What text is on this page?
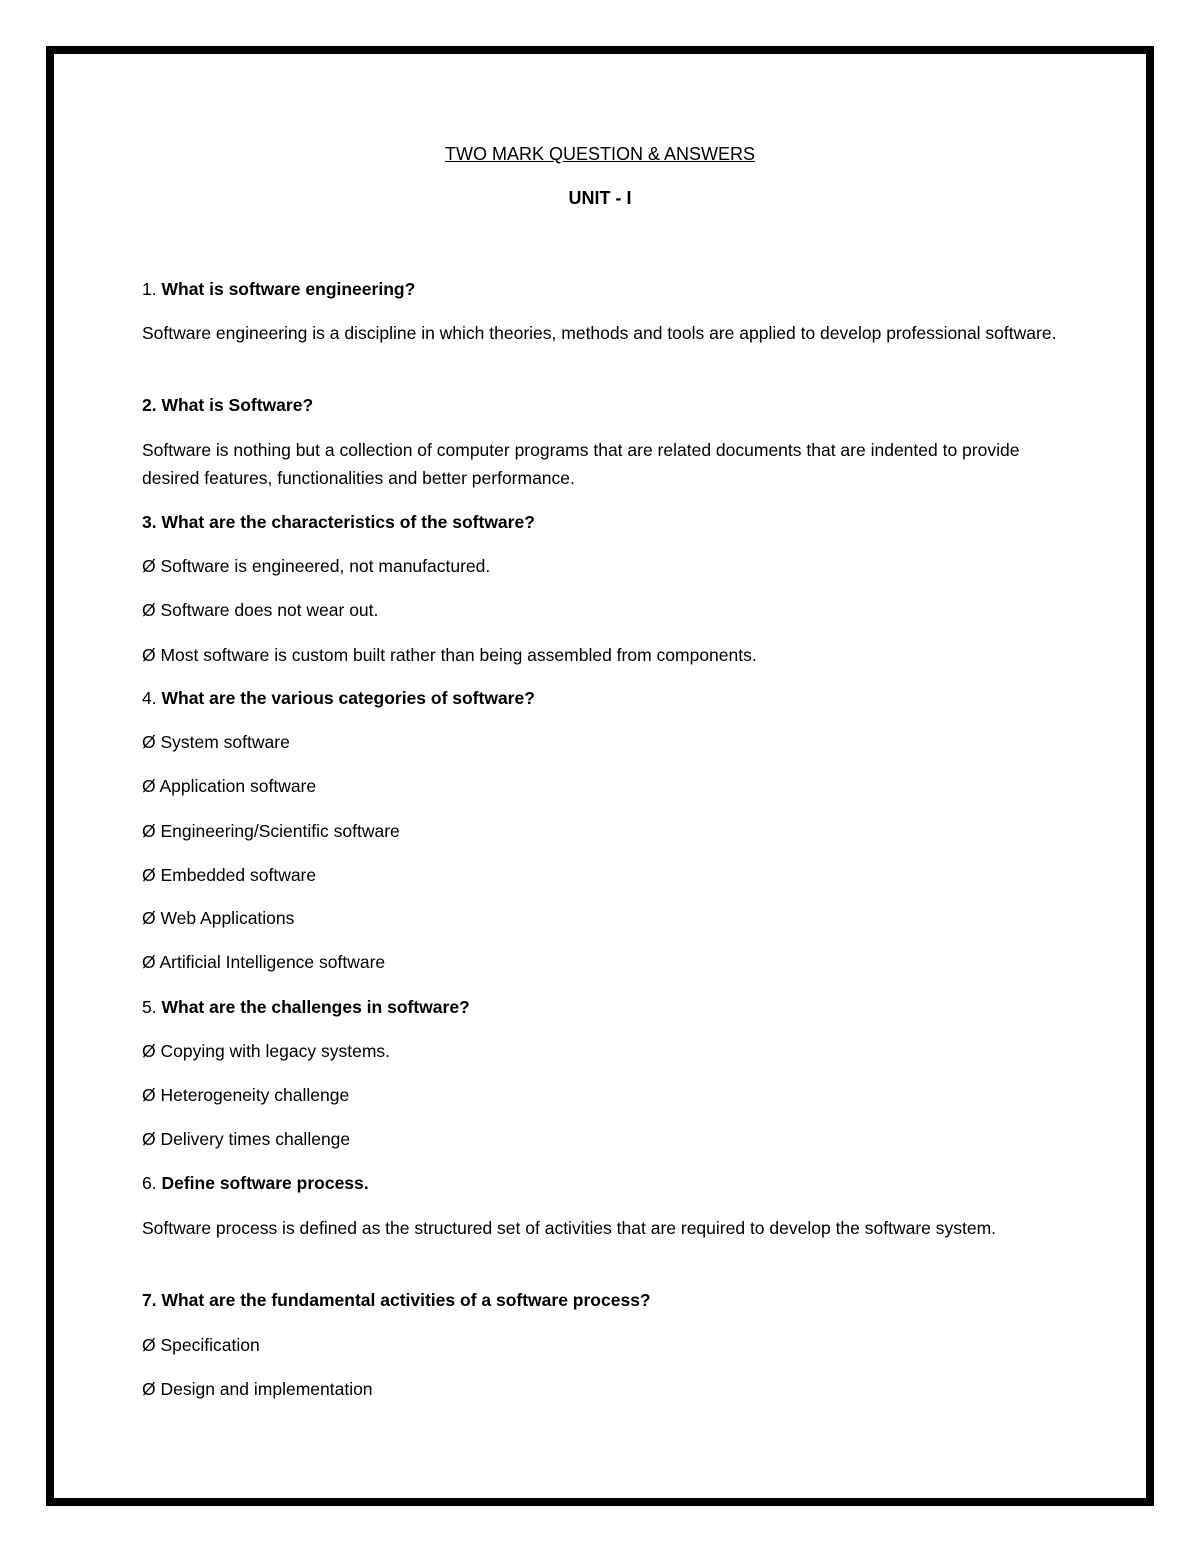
TWO MARK QUESTION & ANSWERS
UNIT - I
1. What is software engineering?
Software engineering is a discipline in which theories, methods and tools are applied to develop professional software.
2. What is Software?
Software is nothing but a collection of computer programs that are related documents that are indented to provide desired features, functionalities and better performance.
3. What are the characteristics of the software?
Ø Software is engineered, not manufactured.
Ø Software does not wear out.
Ø Most software is custom built rather than being assembled from components.
4. What are the various categories of software?
Ø System software
Ø Application software
Ø Engineering/Scientific software
Ø Embedded software
Ø Web Applications
Ø Artificial Intelligence software
5. What are the challenges in software?
Ø Copying with legacy systems.
Ø Heterogeneity challenge
Ø Delivery times challenge
6. Define software process.
Software process is defined as the structured set of activities that are required to develop the software system.
7. What are the fundamental activities of a software process?
Ø Specification
Ø Design and implementation
